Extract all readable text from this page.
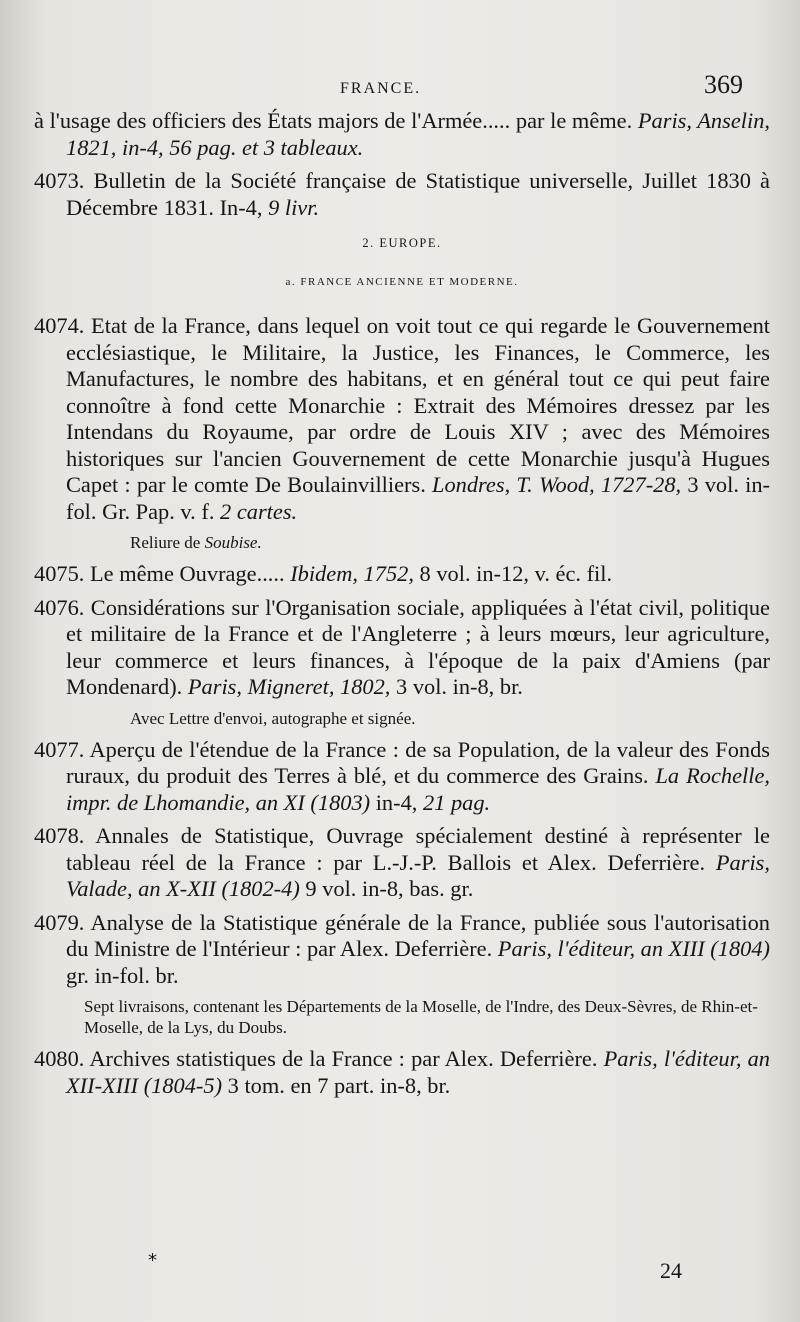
FRANCE.	369
à l'usage des officiers des États majors de l'Armée..... par le même. Paris, Anselin, 1821, in-4, 56 pag. et 3 tableaux.
4073. Bulletin de la Société française de Statistique universelle, Juillet 1830 à Décembre 1831. In-4, 9 livr.
2. EUROPE.
a. FRANCE ANCIENNE ET MODERNE.
4074. Etat de la France, dans lequel on voit tout ce qui regarde le Gouvernement ecclésiastique, le Militaire, la Justice, les Finances, le Commerce, les Manufactures, le nombre des habitans, et en général tout ce qui peut faire connoître à fond cette Monarchie : Extrait des Mémoires dressez par les Intendans du Royaume, par ordre de Louis XIV ; avec des Mémoires historiques sur l'ancien Gouvernement de cette Monarchie jusqu'à Hugues Capet : par le comte De Boulainvilliers. Londres, T. Wood, 1727-28, 3 vol. in-fol. Gr. Pap. v. f. 2 cartes.
Reliure de Soubise.
4075. Le même Ouvrage..... Ibidem, 1752, 8 vol. in-12, v. éc. fil.
4076. Considérations sur l'Organisation sociale, appliquées à l'état civil, politique et militaire de la France et de l'Angleterre ; à leurs mœurs, leur agriculture, leur commerce et leurs finances, à l'époque de la paix d'Amiens (par Mondenard). Paris, Migneret, 1802, 3 vol. in-8, br.
Avec Lettre d'envoi, autographe et signée.
4077. Aperçu de l'étendue de la France : de sa Population, de la valeur des Fonds ruraux, du produit des Terres à blé, et du commerce des Grains. La Rochelle, impr. de Lhomandie, an XI (1803) in-4, 21 pag.
4078. Annales de Statistique, Ouvrage spécialement destiné à représenter le tableau réel de la France : par L.-J.-P. Ballois et Alex. Deferrière. Paris, Valade, an X-XII (1802-4) 9 vol. in-8, bas. gr.
4079. Analyse de la Statistique générale de la France, publiée sous l'autorisation du Ministre de l'Intérieur : par Alex. Deferrière. Paris, l'éditeur, an XIII (1804) gr. in-fol. br.
Sept livraisons, contenant les Départements de la Moselle, de l'Indre, des Deux-Sèvres, de Rhin-et-Moselle, de la Lys, du Doubs.
4080. Archives statistiques de la France : par Alex. Deferrière. Paris, l'éditeur, an XII-XIII (1804-5) 3 tom. en 7 part. in-8, br.
*	24
